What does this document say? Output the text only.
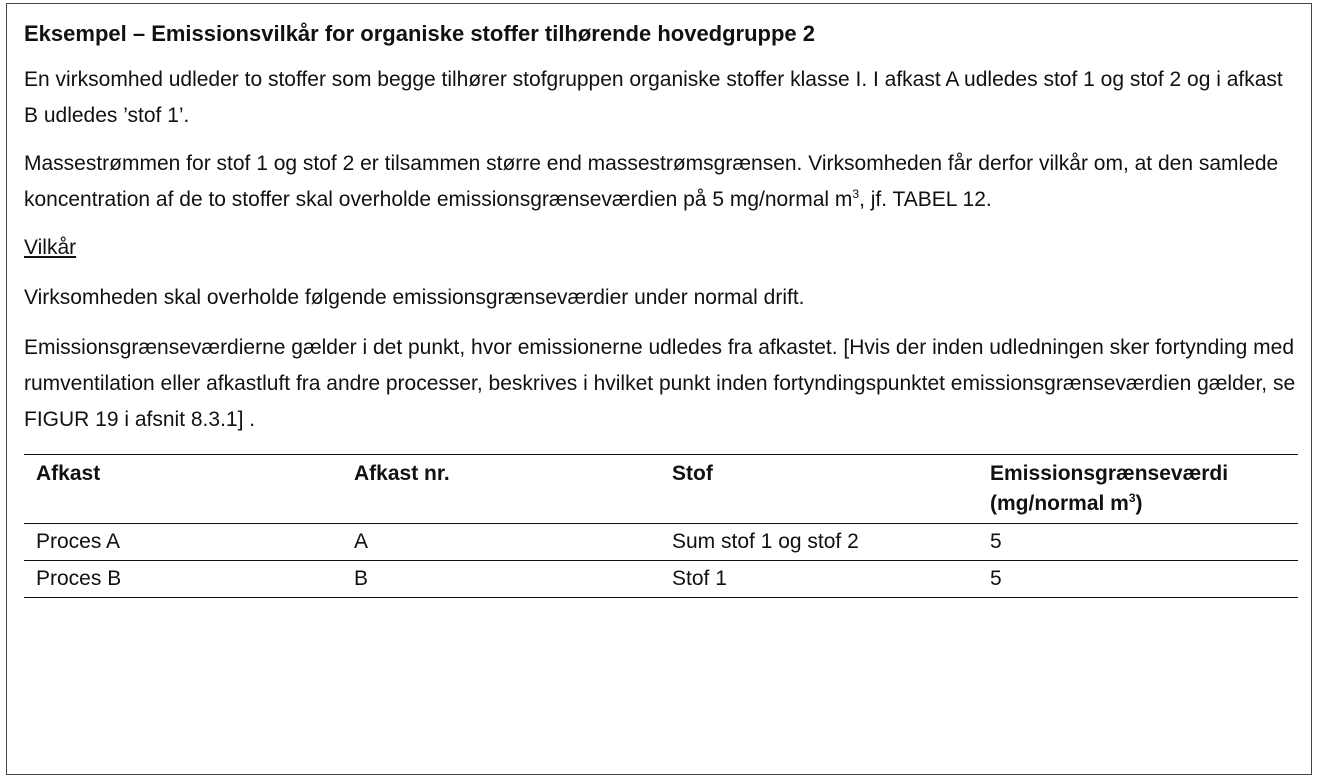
Eksempel – Emissionsvilkår for organiske stoffer tilhørende hovedgruppe 2
En virksomhed udleder to stoffer som begge tilhører stofgruppen organiske stoffer klasse I. I afkast A udledes stof 1 og stof 2 og i afkast B udledes ’stof 1’.
Massestrømmen for stof 1 og stof 2 er tilsammen større end massestrømsgrænsen. Virksomheden får derfor vilkår om, at den samlede koncentration af de to stoffer skal overholde emissionsgrænseværdien på 5 mg/normal $m^3$, jf. TABEL 12.
Vilkår
Virksomheden skal overholde følgende emissionsgrænseværdier under normal drift.
Emissionsgrænseværdierne gælder i det punkt, hvor emissionerne udledes fra afkastet. [Hvis der inden udledningen sker fortynding med rumventilation eller afkastluft fra andre processer, beskrives i hvilket punkt inden fortyndingspunktet emissionsgrænseværdien gælder, se FIGUR 19 i afsnit 8.3.1] .
Afkast	Afkast nr.	Stof	Emissionsgrænseværdi
(mg/normal $m^3$)
Proces A	A	Sum stof 1 og stof 2	5
Proces B	B	Stof 1	5
